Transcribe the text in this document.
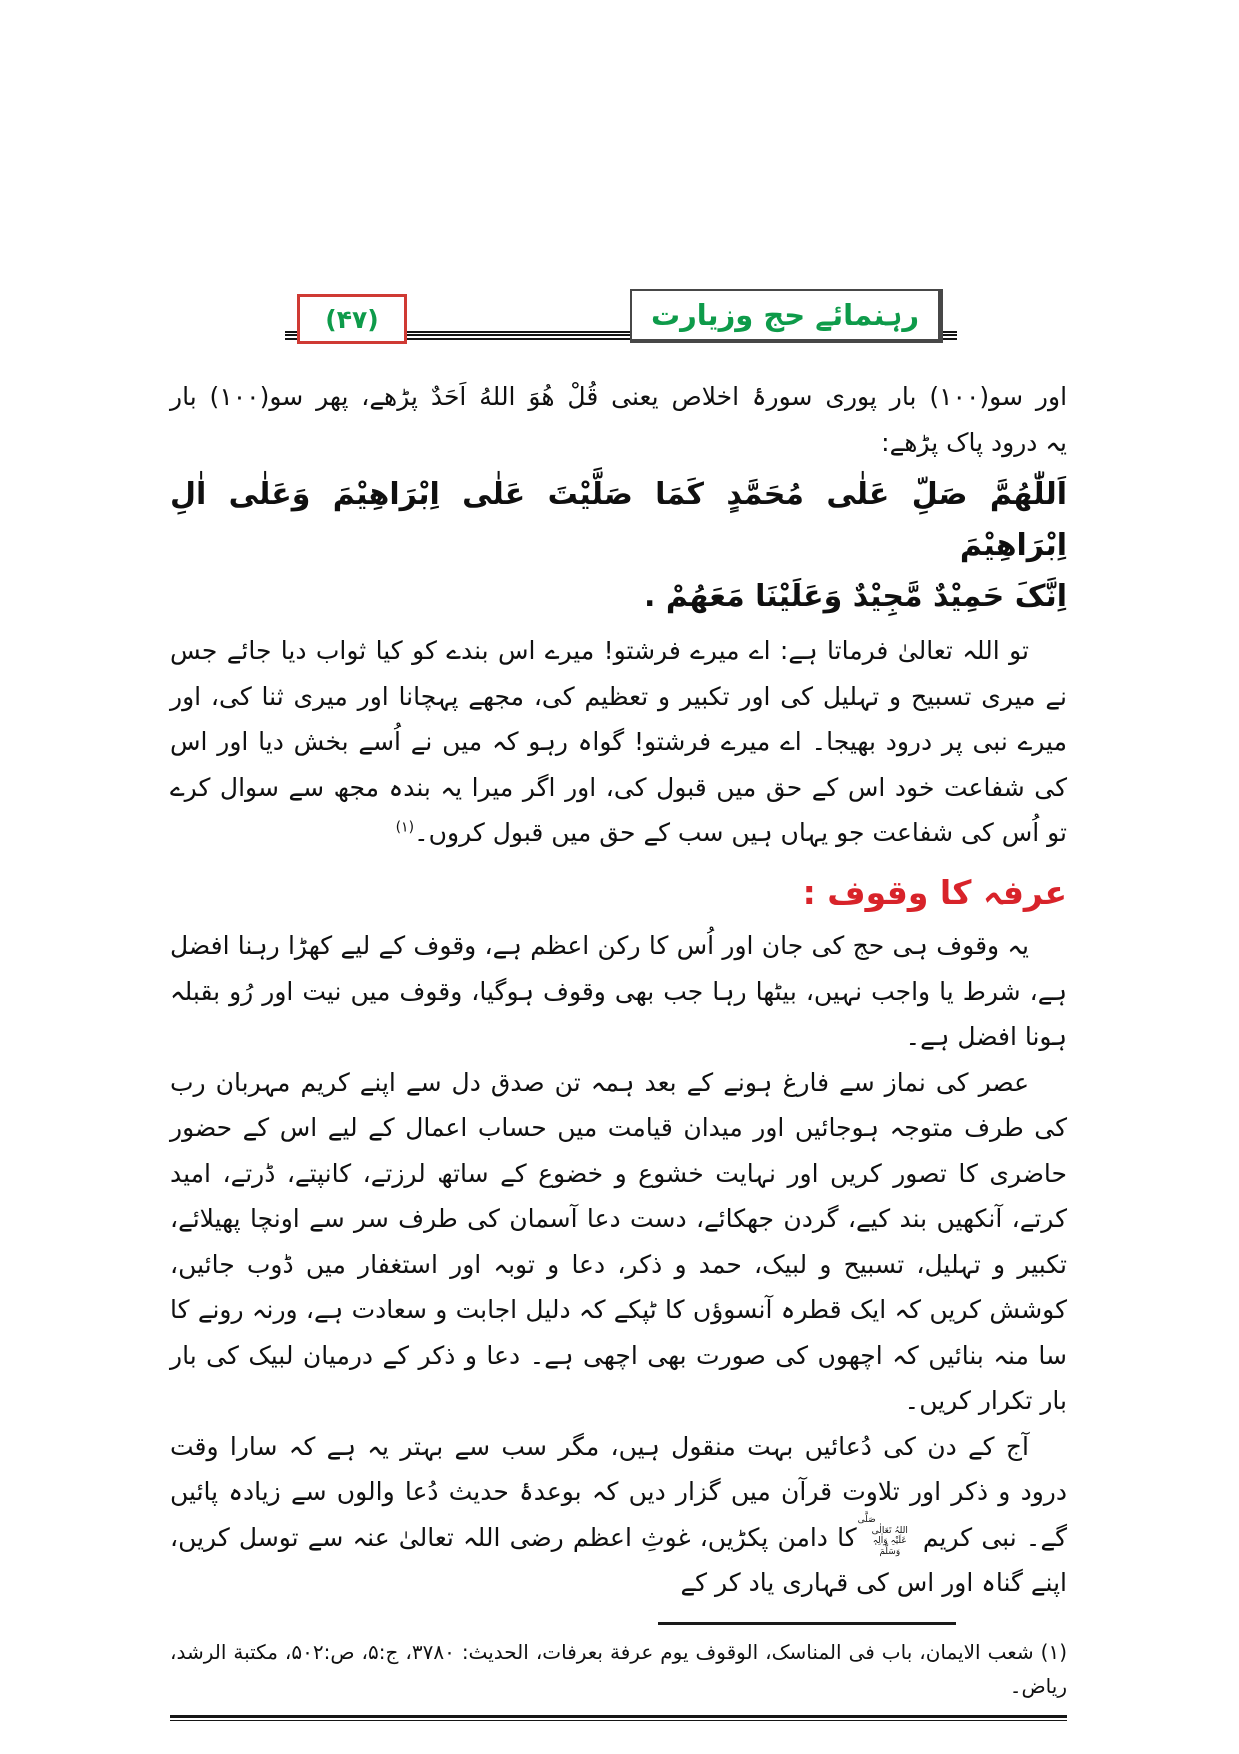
رہنمائے حج وزیارت
(۴۷)

اور سو(۱۰۰) بار پوری سورۂ اخلاص یعنی قُلْ هُوَ اللهُ اَحَدٌ پڑھے، پھر سو(۱۰۰) بار

یہ درود پاک پڑھے:

اَللّٰهُمَّ صَلِّ عَلٰی مُحَمَّدٍ کَمَا صَلَّیْتَ عَلٰی اِبْرَاهِیْمَ وَعَلٰی اٰلِ اِبْرَاهِیْمَ

اِنَّکَ حَمِیْدٌ مَّجِیْدٌ وَعَلَیْنَا مَعَهُمْ .

تو اللہ تعالیٰ فرماتا ہے: اے میرے فرشتو! میرے اس بندے کو کیا ثواب دیا جائے جس نے میری تسبیح و تہلیل کی اور تکبیر و تعظیم کی، مجھے پہچانا اور میری ثنا کی، اور میرے نبی پر درود بھیجا۔ اے میرے فرشتو! گواہ رہو کہ میں نے اُسے بخش دیا اور اس کی شفاعت خود اس کے حق میں قبول کی، اور اگر میرا یہ بندہ مجھ سے سوال کرے تو اُس کی شفاعت جو یہاں ہیں سب کے حق میں قبول کروں۔$^{(۱)}$

عرفہ کا وقوف :

یہ وقوف ہی حج کی جان اور اُس کا رکن اعظم ہے، وقوف کے لیے کھڑا رہنا افضل ہے، شرط یا واجب نہیں، بیٹھا رہا جب بھی وقوف ہوگیا، وقوف میں نیت اور رُو بقبلہ ہونا افضل ہے۔

عصر کی نماز سے فارغ ہونے کے بعد ہمہ تن صدق دل سے اپنے کریم مہربان رب کی طرف متوجہ ہوجائیں اور میدان قیامت میں حساب اعمال کے لیے اس کے حضور حاضری کا تصور کریں اور نہایت خشوع و خضوع کے ساتھ لرزتے، کانپتے، ڈرتے، امید کرتے، آنکھیں بند کیے، گردن جھکائے، دست دعا آسمان کی طرف سر سے اونچا پھیلائے، تکبیر و تہلیل، تسبیح و لبیک، حمد و ذکر، دعا و توبہ اور استغفار میں ڈوب جائیں، کوشش کریں کہ ایک قطرہ آنسوؤں کا ٹپکے کہ دلیل اجابت و سعادت ہے، ورنہ رونے کا سا منہ بنائیں کہ اچھوں کی صورت بھی اچھی ہے۔ دعا و ذکر کے درمیان لبیک کی بار بار تکرار کریں۔

آج کے دن کی دُعائیں بہت منقول ہیں، مگر سب سے بہتر یہ ہے کہ سارا وقت درود و ذکر اور تلاوت قرآن میں گزار دیں کہ بوعدۂ حدیث دُعا والوں سے زیادہ پائیں گے۔ نبی کریم صَلَّی اللہُ تَعَالٰی عَلَیْہِ وَاٰلِہٖ وَسَلَّمَ کا دامن پکڑیں، غوثِ اعظم رضی اللہ تعالیٰ عنہ سے توسل کریں، اپنے گناہ اور اس کی قہاری یاد کر کے

(۱) شعب الایمان، باب فی المناسک، الوقوف یوم عرفة بعرفات، الحدیث: ۳۷۸۰، ج:۵، ص:۵۰۲، مکتبة الرشد، ریاض۔
